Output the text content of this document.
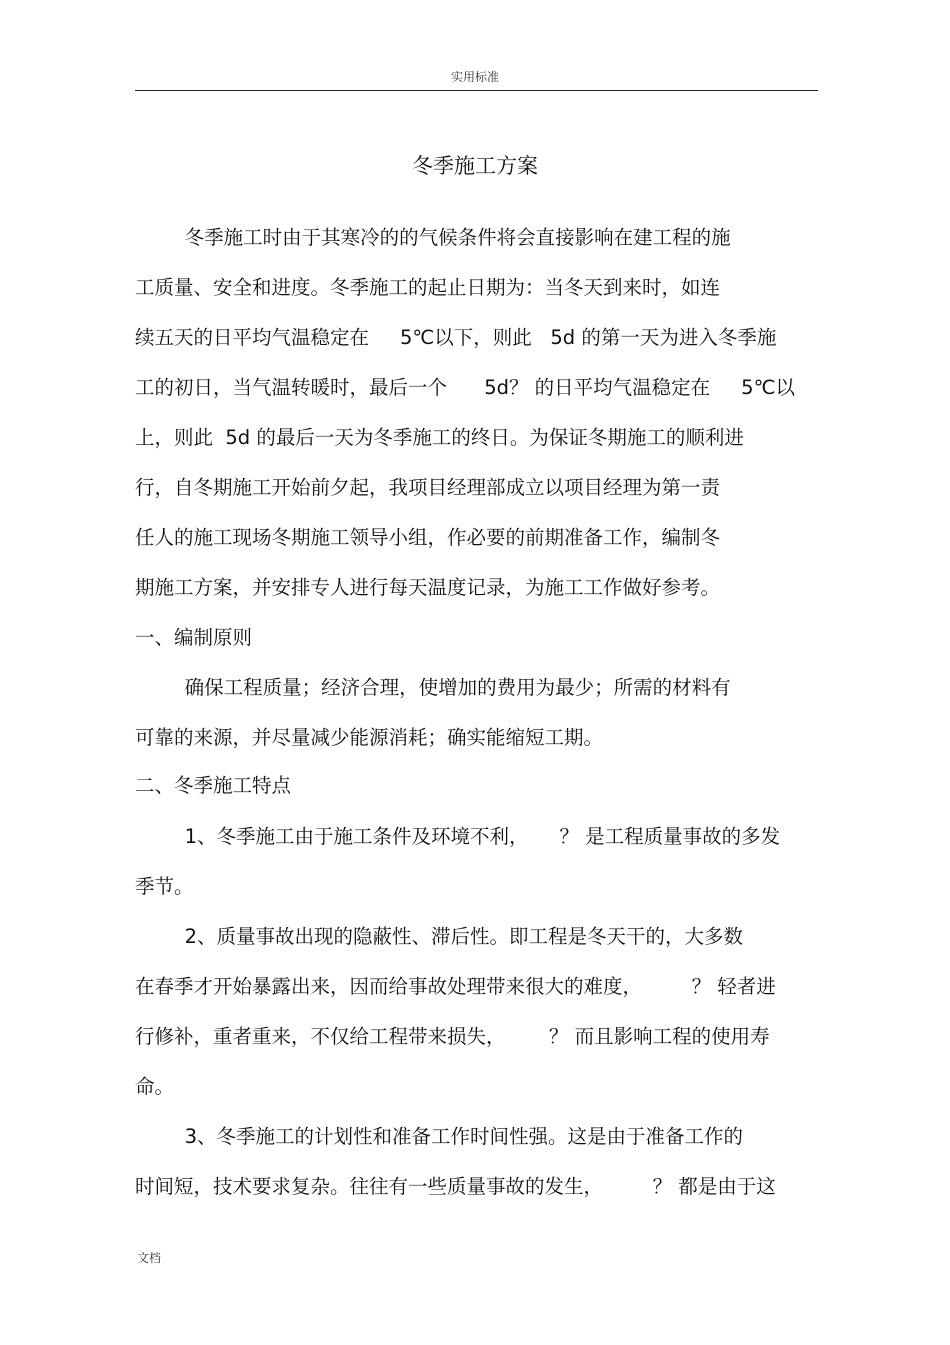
实用标准
冬季施工方案
冬季施工时由于其寒冷的的气候条件将会直接影响在建工程的施
工质量、安全和进度。冬季施工的起止日期为：当冬天到来时，如连
续五天的日平均气温稳定在     5℃以下，则此   5d 的第一天为进入冬季施
工的初日，当气温转暖时，最后一个      5d？ 的日平均气温稳定在     5℃以
上，则此  5d 的最后一天为冬季施工的终日。为保证冬期施工的顺利进
行，自冬期施工开始前夕起，我项目经理部成立以项目经理为第一责
任人的施工现场冬期施工领导小组，作必要的前期准备工作，编制冬
期施工方案，并安排专人进行每天温度记录，为施工工作做好参考。
一、编制原则
确保工程质量；经济合理，使增加的费用为最少；所需的材料有
可靠的来源，并尽量减少能源消耗；确实能缩短工期。
二、冬季施工特点
1、冬季施工由于施工条件及环境不利，     ？ 是工程质量事故的多发
季节。
2、质量事故出现的隐蔽性、滞后性。即工程是冬天干的，大多数
在春季才开始暴露出来，因而给事故处理带来很大的难度，        ？ 轻者进
行修补，重者重来，不仅给工程带来损失，       ？ 而且影响工程的使用寿
命。
3、冬季施工的计划性和准备工作时间性强。这是由于准备工作的
时间短，技术要求复杂。往往有一些质量事故的发生，        ？ 都是由于这
文档
